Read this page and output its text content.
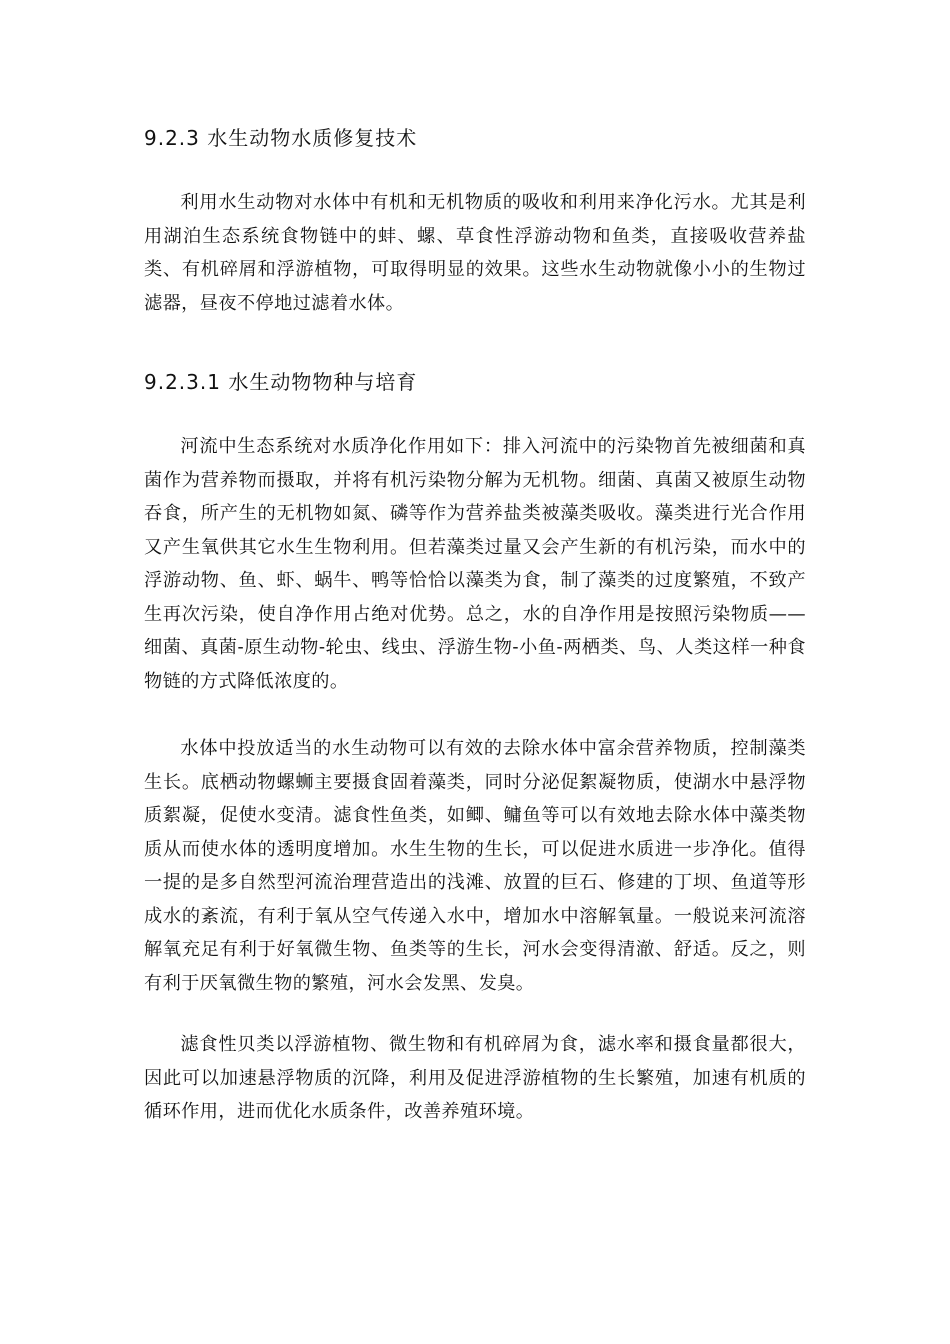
9.2.3 水生动物水质修复技术

利用水生动物对水体中有机和无机物质的吸收和利用来净化污水。尤其是利用湖泊生态系统食物链中的蚌、螺、草食性浮游动物和鱼类，直接吸收营养盐类、有机碎屑和浮游植物，可取得明显的效果。这些水生动物就像小小的生物过滤器，昼夜不停地过滤着水体。

9.2.3.1 水生动物物种与培育

河流中生态系统对水质净化作用如下：排入河流中的污染物首先被细菌和真菌作为营养物而摄取，并将有机污染物分解为无机物。细菌、真菌又被原生动物吞食，所产生的无机物如氮、磷等作为营养盐类被藻类吸收。藻类进行光合作用又产生氧供其它水生生物利用。但若藻类过量又会产生新的有机污染，而水中的浮游动物、鱼、虾、蜗牛、鸭等恰恰以藻类为食，制了藻类的过度繁殖，不致产生再次污染，使自净作用占绝对优势。总之，水的自净作用是按照污染物质——细菌、真菌-原生动物-轮虫、线虫、浮游生物-小鱼-两栖类、鸟、人类这样一种食物链的方式降低浓度的。

水体中投放适当的水生动物可以有效的去除水体中富余营养物质，控制藻类生长。底栖动物螺蛳主要摄食固着藻类，同时分泌促絮凝物质，使湖水中悬浮物质絮凝，促使水变清。滤食性鱼类，如鲫、鳙鱼等可以有效地去除水体中藻类物质从而使水体的透明度增加。水生生物的生长，可以促进水质进一步净化。值得一提的是多自然型河流治理营造出的浅滩、放置的巨石、修建的丁坝、鱼道等形成水的紊流，有利于氧从空气传递入水中，增加水中溶解氧量。一般说来河流溶解氧充足有利于好氧微生物、鱼类等的生长，河水会变得清澈、舒适。反之，则有利于厌氧微生物的繁殖，河水会发黑、发臭。

滤食性贝类以浮游植物、微生物和有机碎屑为食，滤水率和摄食量都很大，因此可以加速悬浮物质的沉降，利用及促进浮游植物的生长繁殖，加速有机质的循环作用，进而优化水质条件，改善养殖环境。
